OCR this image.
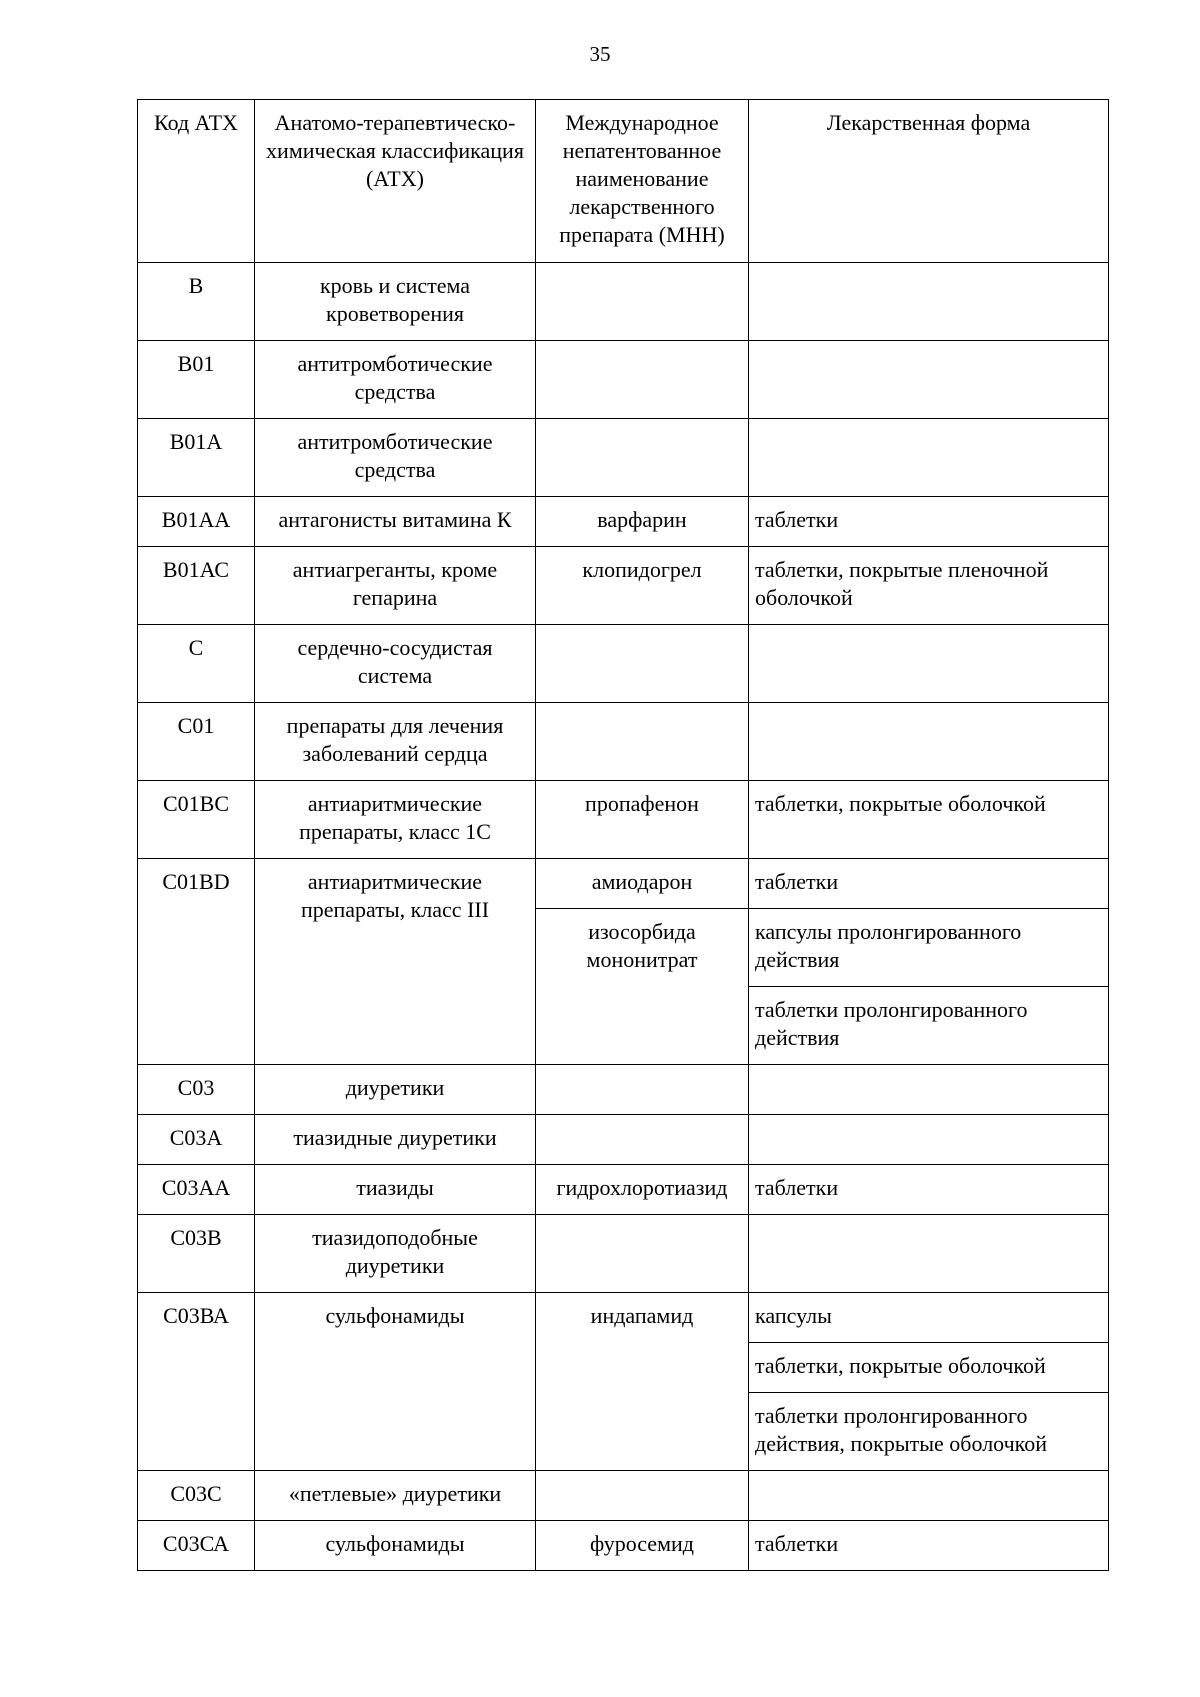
35
Код АТХ	Анатомо-терапевтическо-химическая классификация (АТХ)	Международное непатентованное наименование лекарственного препарата (МНН)	Лекарственная форма
В	кровь и система кроветворения		
В01	антитромботические средства		
В01А	антитромботические средства		
В01АА	антагонисты витамина К	варфарин	таблетки
В01АС	антиагреганты, кроме гепарина	клопидогрел	таблетки, покрытые пленочной оболочкой
С	сердечно-сосудистая система		
С01	препараты для лечения заболеваний сердца		
С01ВС	антиаритмические препараты, класс 1С	пропафенон	таблетки, покрытые оболочкой
С01ВD	антиаритмические препараты, класс III	амиодарон	таблетки
		изосорбида мононитрат	капсулы пролонгированного действия
			таблетки пролонгированного действия
С03	диуретики		
С03А	тиазидные диуретики		
С03АА	тиазиды	гидрохлоротиазид	таблетки
С03В	тиазидоподобные диуретики		
С03ВА	сульфонамиды	индапамид	капсулы
			таблетки, покрытые оболочкой
			таблетки пролонгированного действия, покрытые оболочкой
С03С	«петлевые» диуретики		
С03СА	сульфонамиды	фуросемид	таблетки
